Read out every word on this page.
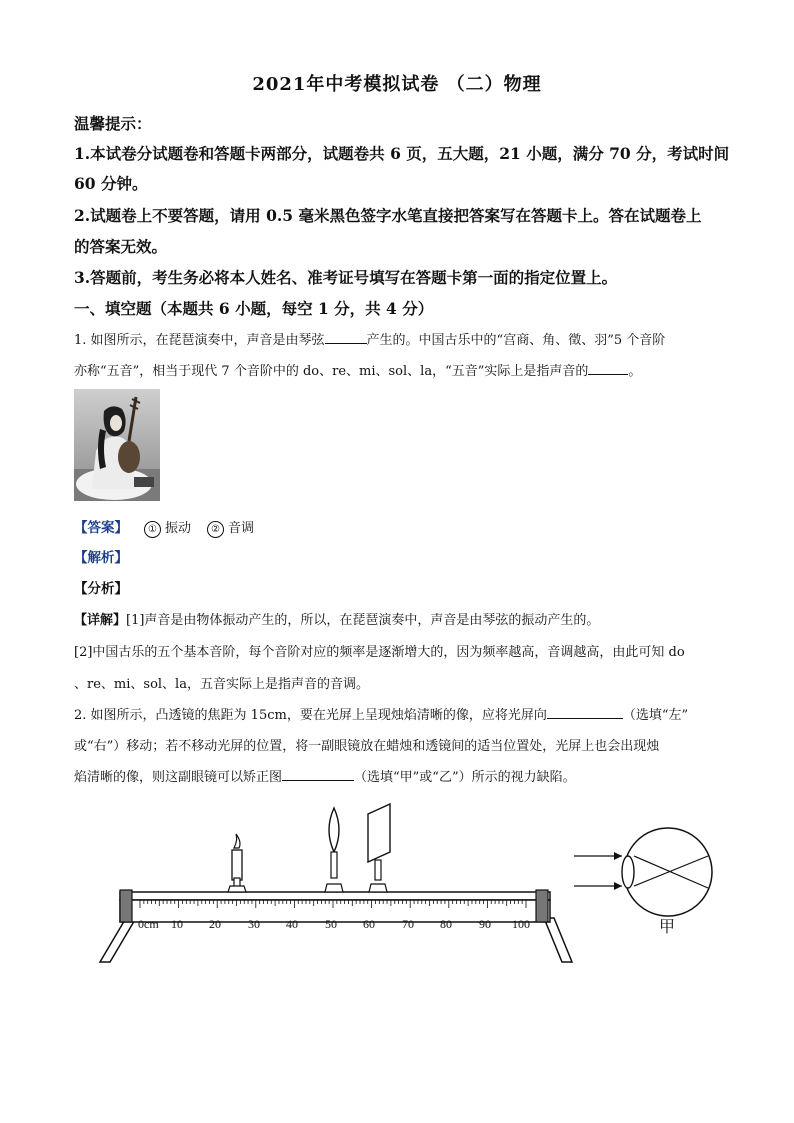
2021年中考模拟试卷 （二）物理
温馨提示：
1.本试卷分试题卷和答题卡两部分，试题卷共 6 页，五大题，21 小题，满分 70 分，考试时间
60 分钟。
2.试题卷上不要答题，请用 0.5 毫米黑色签字水笔直接把答案写在答题卡上。答在试题卷上
的答案无效。
3.答题前，考生务必将本人姓名、准考证号填写在答题卡第一面的指定位置上。
一、填空题（本题共 6 小题，每空 1 分，共 4 分）
1. 如图所示，在琵琶演奏中，声音是由琴弦	产生的。中国古乐中的“宫商、角、徵、羽”5 个音阶
亦称“五音”，相当于现代 7 个音阶中的 do、re、mi、sol、la，“五音”实际上是指声音的	。
【答案】 ① 振动 ② 音调
【解析】
【分析】
【详解】[1]声音是由物体振动产生的，所以，在琵琶演奏中，声音是由琴弦的振动产生的。
[2]中国古乐的五个基本音阶，每个音阶对应的频率是逐渐增大的，因为频率越高，音调越高，由此可知 do
、re、mi、sol、la，五音实际上是指声音的音调。
2. 如图所示，凸透镜的焦距为 15cm，要在光屏上呈现烛焰清晰的像，应将光屏向	（选填“左”
或“右”）移动；若不移动光屏的位置，将一副眼镜放在蜡烛和透镜间的适当位置处，光屏上也会出现烛
焰清晰的像，则这副眼镜可以矫正图	（选填“甲”或“乙”）所示的视力缺陷。
0cm 10 20 30 40 50 60 70 80 90 100	甲
